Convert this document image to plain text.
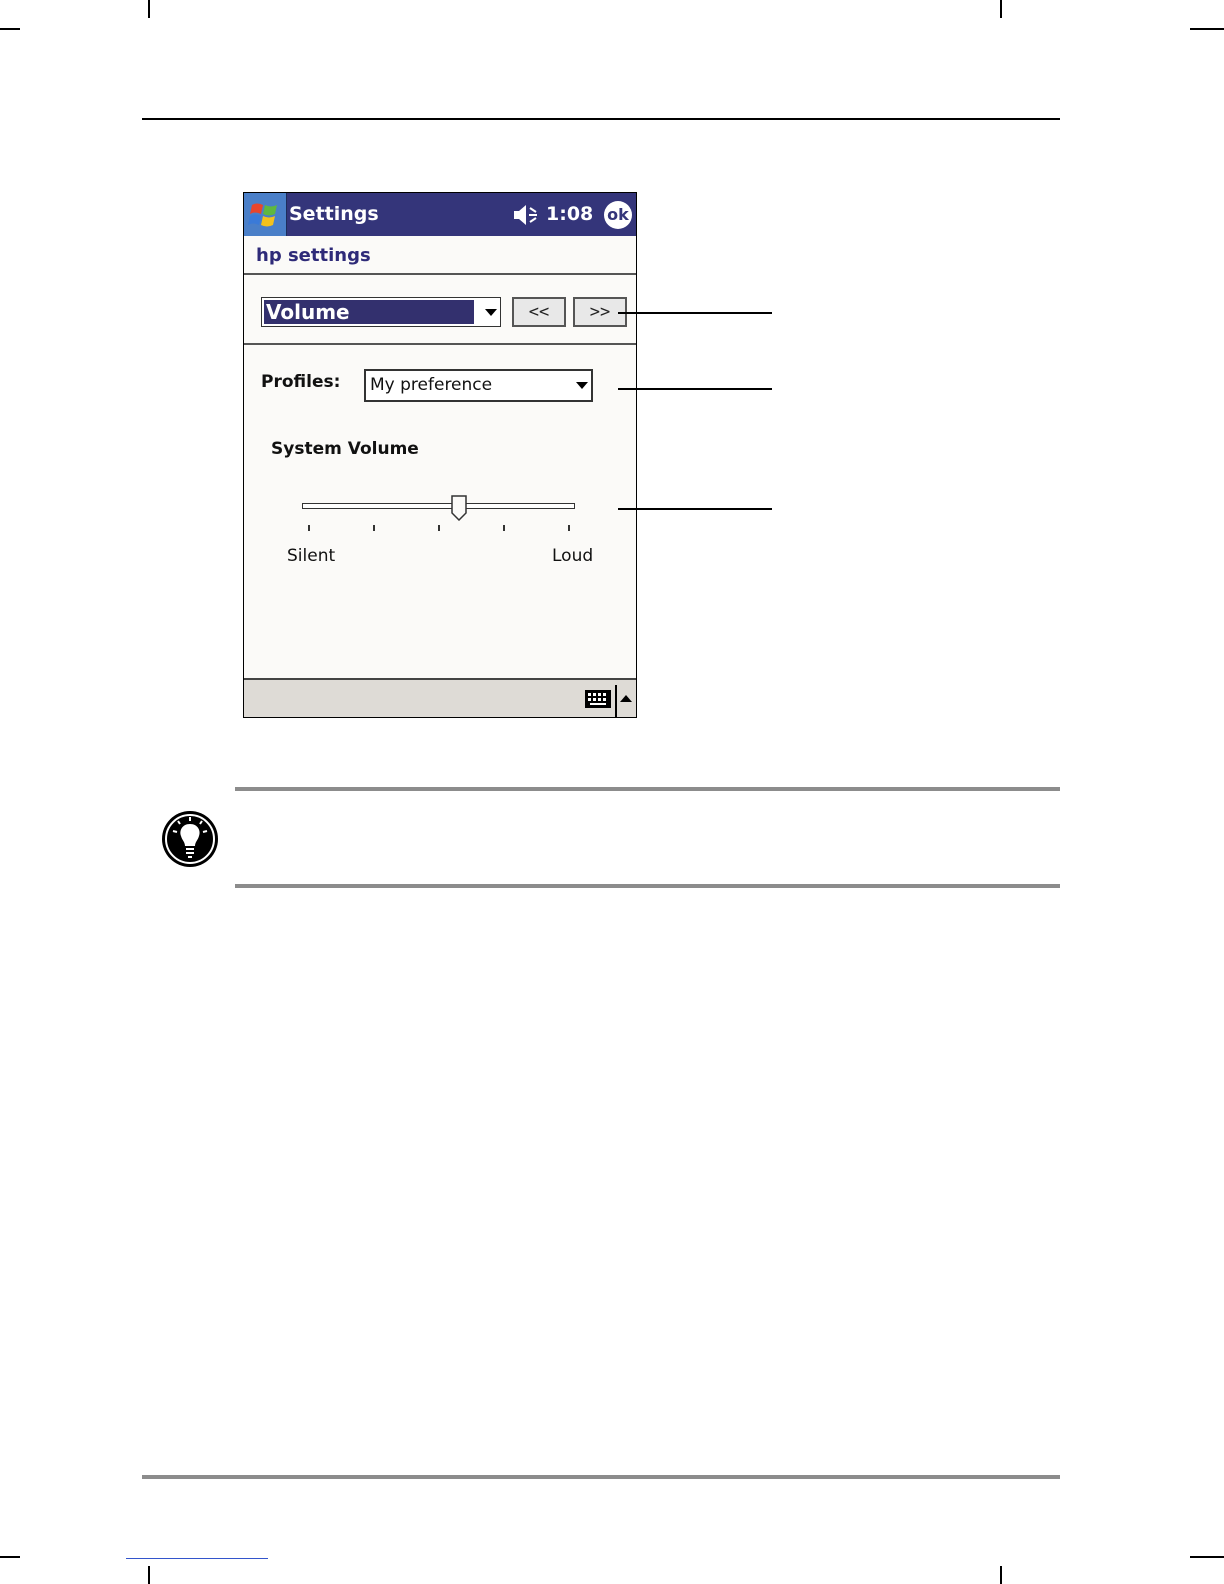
Settings	1:08 ok
hp settings
Volume	<<	>>
Profiles: My preference
System Volume
Silent	Loud
